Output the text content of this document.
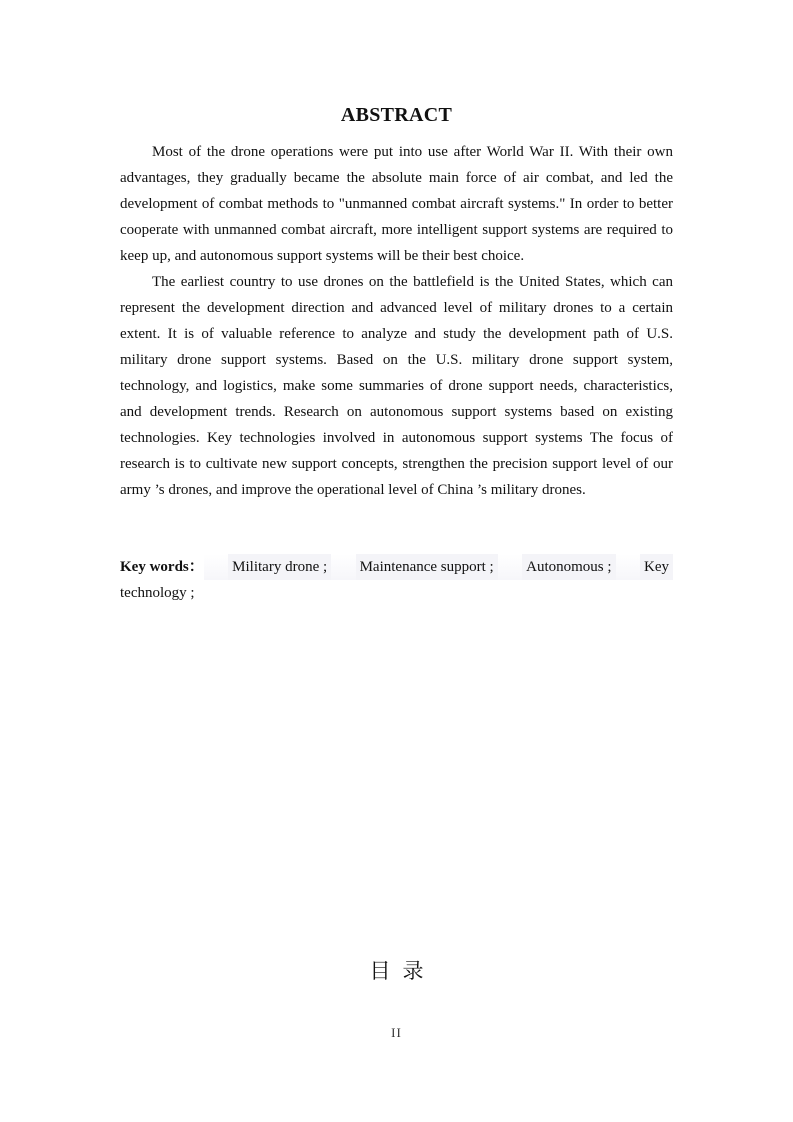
ABSTRACT

Most of the drone operations were put into use after World War II. With their own advantages, they gradually became the absolute main force of air combat, and led the development of combat methods to "unmanned combat aircraft systems." In order to better cooperate with unmanned combat aircraft, more intelligent support systems are required to keep up, and autonomous support systems will be their best choice.

The earliest country to use drones on the battlefield is the United States, which can represent the development direction and advanced level of military drones to a certain extent. It is of valuable reference to analyze and study the development path of U.S. military drone support systems. Based on the U.S. military drone support system, technology, and logistics, make some summaries of drone support needs, characteristics, and development trends. Research on autonomous support systems based on existing technologies. Key technologies involved in autonomous support systems The focus of research is to cultivate new support concepts, strengthen the precision support level of our army ’s drones, and improve the operational level of China ’s military drones.

Key words： Military drone ; Maintenance support ; Autonomous ; Key

technology ;

目录
II
